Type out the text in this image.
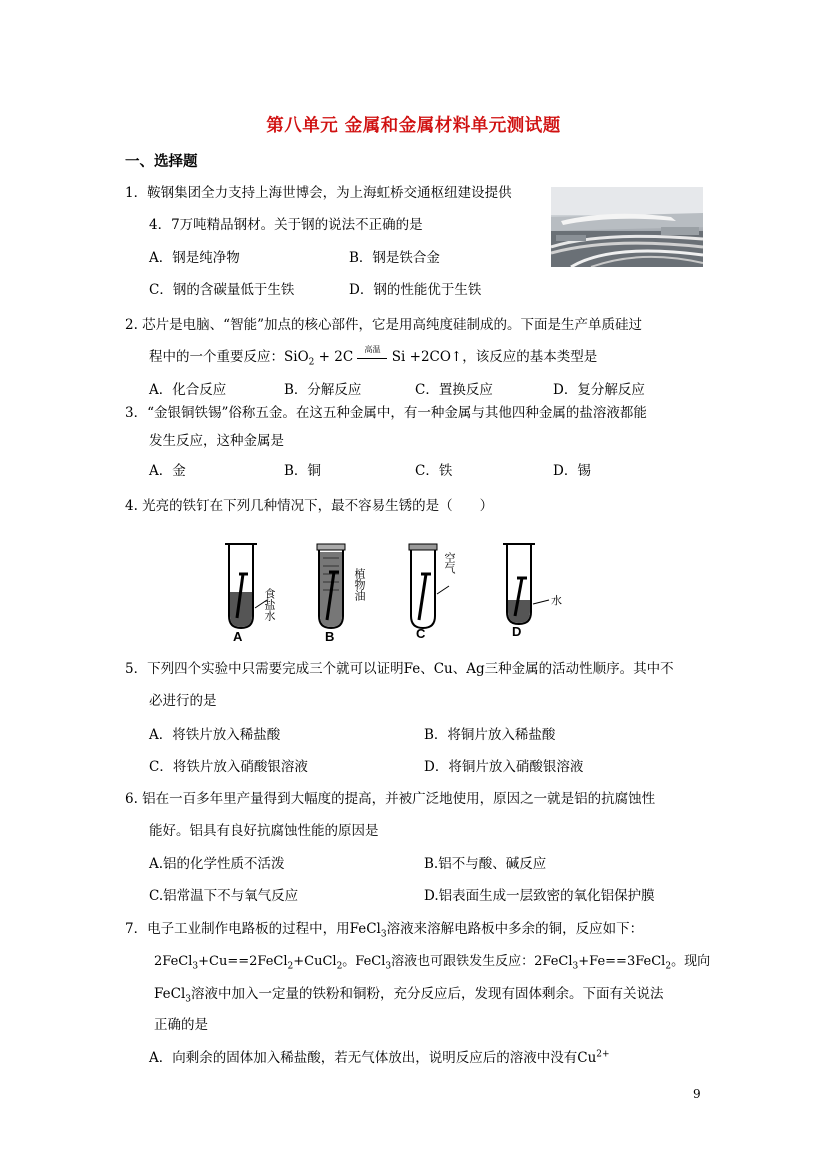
第八单元 金属和金属材料单元测试题
一、选择题
1．鞍钢集团全力支持上海世博会，为上海虹桥交通枢纽建设提供
4．7万吨精品钢材。关于钢的说法不正确的是
A．钢是纯净物	B．钢是铁合金
C．钢的含碳量低于生铁	D．钢的性能优于生铁
2. 芯片是电脑、“智能”加点的核心部件，它是用高纯度硅制成的。下面是生产单质硅过
程中的一个重要反应：SiO$_2$ + 2C	高温 Si +2CO↑，该反应的基本类型是
A．化合反应	B．分解反应	C．置换反应	D．复分解反应
3．“金银铜铁锡”俗称五金。在这五种金属中，有一种金属与其他四种金属的盐溶液都能
发生反应，这种金属是
A．金	B．铜	C．铁	D．锡
4. 光亮的铁钉在下列几种情况下，最不容易生锈的是（　　）
食盐水
A
植物油
B
空气
C
水
D
5．下列四个实验中只需要完成三个就可以证明Fe、Cu、Ag三种金属的活动性顺序。其中不
必进行的是
A．将铁片放入稀盐酸	B．将铜片放入稀盐酸
C．将铁片放入硝酸银溶液	D．将铜片放入硝酸银溶液
6. 铝在一百多年里产量得到大幅度的提高，并被广泛地使用，原因之一就是铝的抗腐蚀性
能好。铝具有良好抗腐蚀性能的原因是
A.铝的化学性质不活泼	B.铝不与酸、碱反应
C.铝常温下不与氧气反应	D.铝表面生成一层致密的氧化铝保护膜
7．电子工业制作电路板的过程中，用FeCl$_3$溶液来溶解电路板中多余的铜，反应如下：
2FeCl$_3$+Cu==2FeCl$_2$+CuCl$_2$。FeCl$_3$溶液也可跟铁发生反应：2FeCl$_3$+Fe==3FeCl$_2$。现向
FeCl$_3$溶液中加入一定量的铁粉和铜粉，充分反应后，发现有固体剩余。下面有关说法
正确的是
A．向剩余的固体加入稀盐酸，若无气体放出，说明反应后的溶液中没有$Cu^{2+}$
9
